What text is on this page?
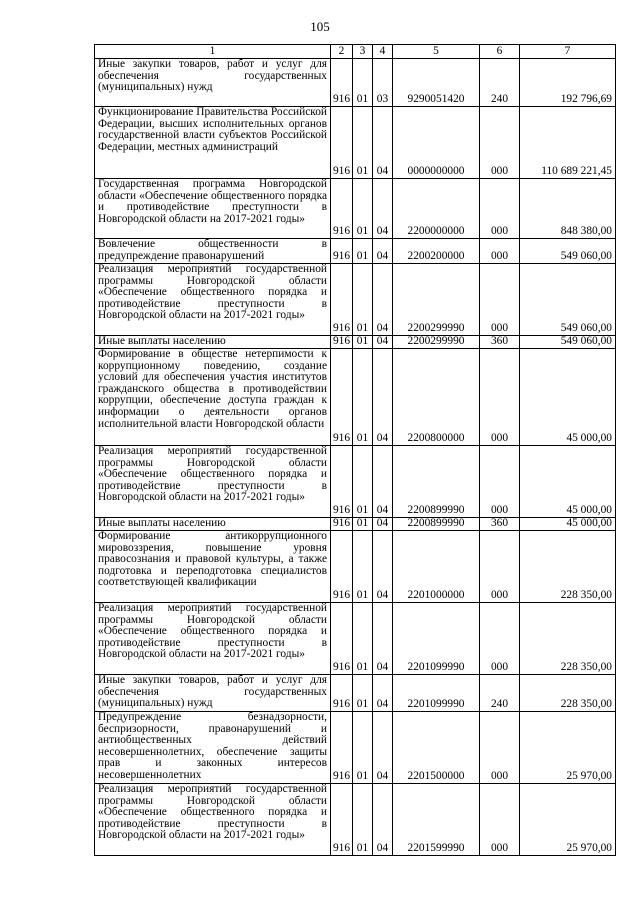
105
1	2	3	4	5	6	7
Иные закупки товаров, работ и услуг для обеспечения государственных (муниципальных) нужд	916	01	03	9290051420	240	192 796,69
Функционирование Правительства Российской Федерации, высших исполнительных органов государственной власти субъектов Российской Федерации, местных администраций	916	01	04	0000000000	000	110 689 221,45
Государственная программа Новгородской области «Обеспечение общественного порядка и противодействие преступности в Новгородской области на 2017-2021 годы»	916	01	04	2200000000	000	848 380,00
Вовлечение общественности в предупреждение правонарушений	916	01	04	2200200000	000	549 060,00
Реализация мероприятий государственной программы Новгородской области «Обеспечение общественного порядка и противодействие преступности в Новгородской области на 2017-2021 годы»	916	01	04	2200299990	000	549 060,00
Иные выплаты населению	916	01	04	2200299990	360	549 060,00
Формирование в обществе нетерпимости к коррупционному поведению, создание условий для обеспечения участия институтов гражданского общества в противодействии коррупции, обеспечение доступа граждан к информации о деятельности органов исполнительной власти Новгородской области	916	01	04	2200800000	000	45 000,00
Реализация мероприятий государственной программы Новгородской области «Обеспечение общественного порядка и противодействие преступности в Новгородской области на 2017-2021 годы»	916	01	04	2200899990	000	45 000,00
Иные выплаты населению	916	01	04	2200899990	360	45 000,00
Формирование антикоррупционного мировоззрения, повышение уровня правосознания и правовой культуры, а также подготовка и переподготовка специалистов соответствующей квалификации	916	01	04	2201000000	000	228 350,00
Реализация мероприятий государственной программы Новгородской области «Обеспечение общественного порядка и противодействие преступности в Новгородской области на 2017-2021 годы»	916	01	04	2201099990	000	228 350,00
Иные закупки товаров, работ и услуг для обеспечения государственных (муниципальных) нужд	916	01	04	2201099990	240	228 350,00
Предупреждение безнадзорности, беспризорности, правонарушений и антиобщественных действий несовершеннолетних, обеспечение защиты прав и законных интересов несовершеннолетних	916	01	04	2201500000	000	25 970,00
Реализация мероприятий государственной программы Новгородской области «Обеспечение общественного порядка и противодействие преступности в Новгородской области на 2017-2021 годы»	916	01	04	2201599990	000	25 970,00
